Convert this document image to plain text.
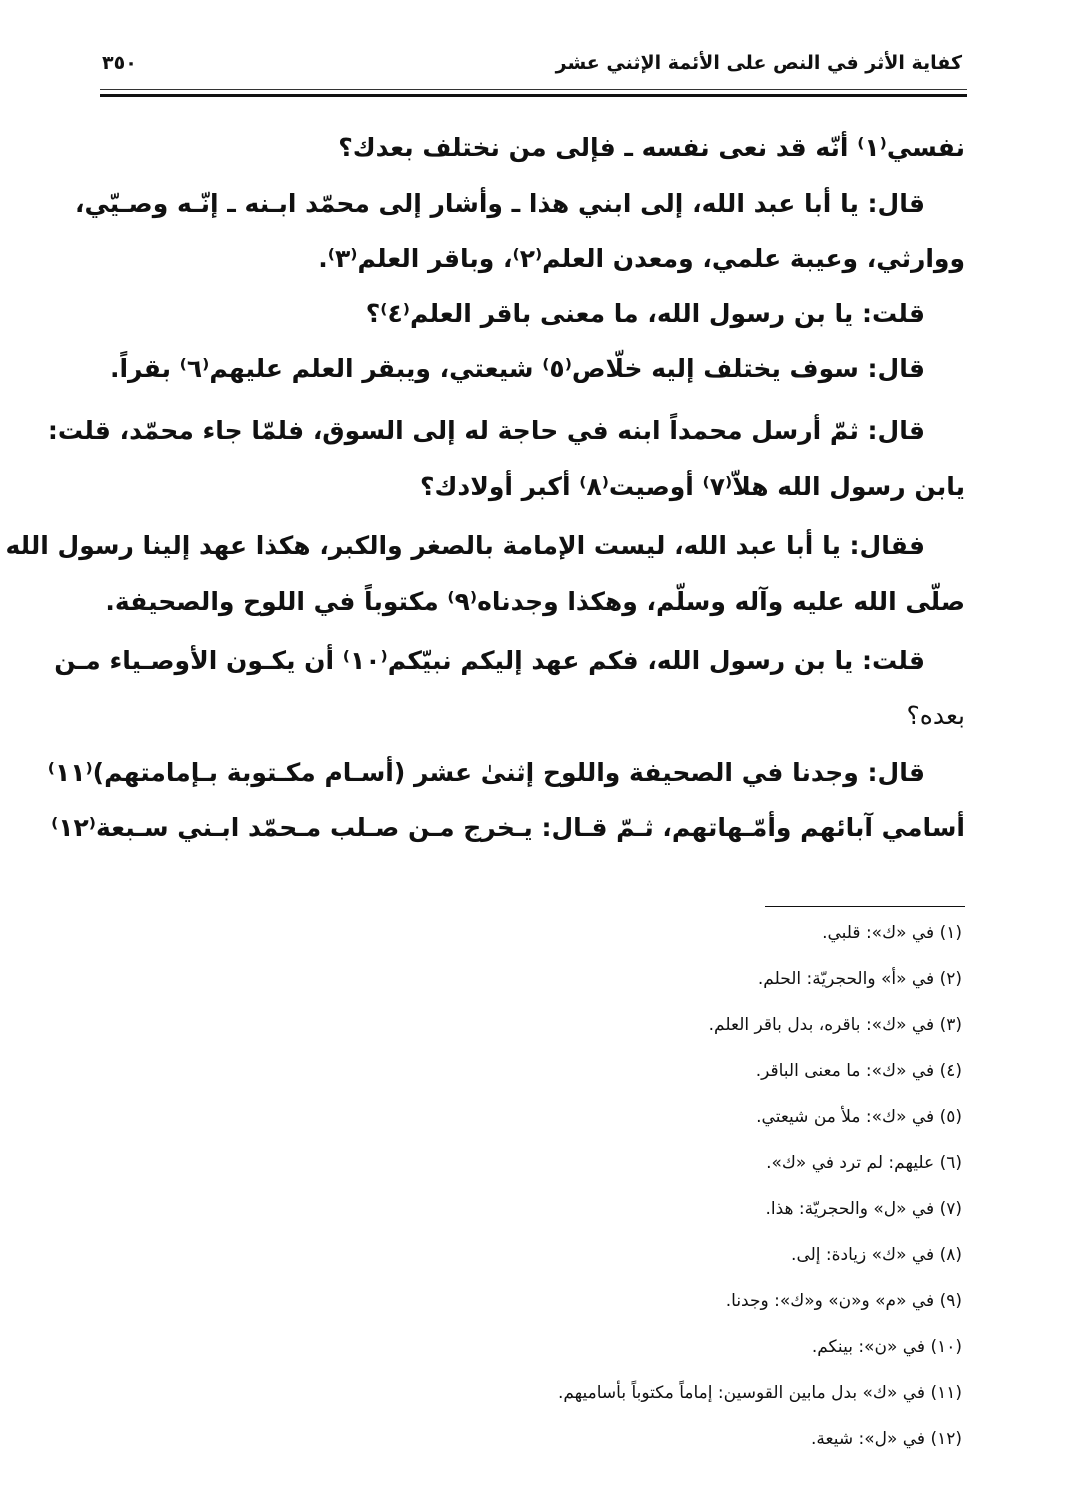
كفاية الأثر في النص على الأئمة الإثني عشر
٣٥٠
نفسي⁽١⁾ أنّه قد نعى نفسه ـ فإلى من نختلف بعدك؟
قال: يا أبا عبد الله، إلى ابني هذا ـ وأشار إلى محمّد ابـنه ـ إنّـه وصـيّي،
ووارثي، وعيبة علمي، ومعدن العلم⁽٢⁾، وباقر العلم⁽٣⁾.
قلت: يا بن رسول الله، ما معنى باقر العلم⁽٤⁾؟
قال: سوف يختلف إليه خلّاص⁽٥⁾ شيعتي، ويبقر العلم عليهم⁽٦⁾ بقراً.
قال: ثمّ أرسل محمداً ابنه في حاجة له إلى السوق، فلمّا جاء محمّد، قلت:
يابن رسول الله هلاّ⁽٧⁾ أوصيت⁽٨⁾ أكبر أولادك؟
فقال: يا أبا عبد الله، ليست الإمامة بالصغر والكبر، هكذا عهد إلينا رسول الله
صلّى الله عليه وآله وسلّم، وهكذا وجدناه⁽٩⁾ مكتوباً في اللوح والصحيفة.
قلت: يا بن رسول الله، فكم عهد إليكم نبيّكم⁽١٠⁾ أن يكـون الأوصـياء مـن
بعده؟
قال: وجدنا في الصحيفة واللوح إثنىٰ عشر (أسـام مكـتوبة بـإمامتهم)⁽١١⁾
أسامي آبائهم وأمّـهاتهم، ثـمّ قـال: يـخرج مـن صـلب مـحمّد ابـني سـبعة⁽١٢⁾
(١) في «ك»: قلبي.
(٢) في «أ» والحجريّة: الحلم.
(٣) في «ك»: باقره، بدل باقر العلم.
(٤) في «ك»: ما معنى الباقر.
(٥) في «ك»: ملأ من شيعتي.
(٦) عليهم: لم ترد في «ك».
(٧) في «ل» والحجريّة: هذا.
(٨) في «ك» زيادة: إلى.
(٩) في «م» و«ن» و«ك»: وجدنا.
(١٠) في «ن»: بينكم.
(١١) في «ك» بدل مابين القوسين: إماماً مكتوباً بأساميهم.
(١٢) في «ل»: شيعة.
